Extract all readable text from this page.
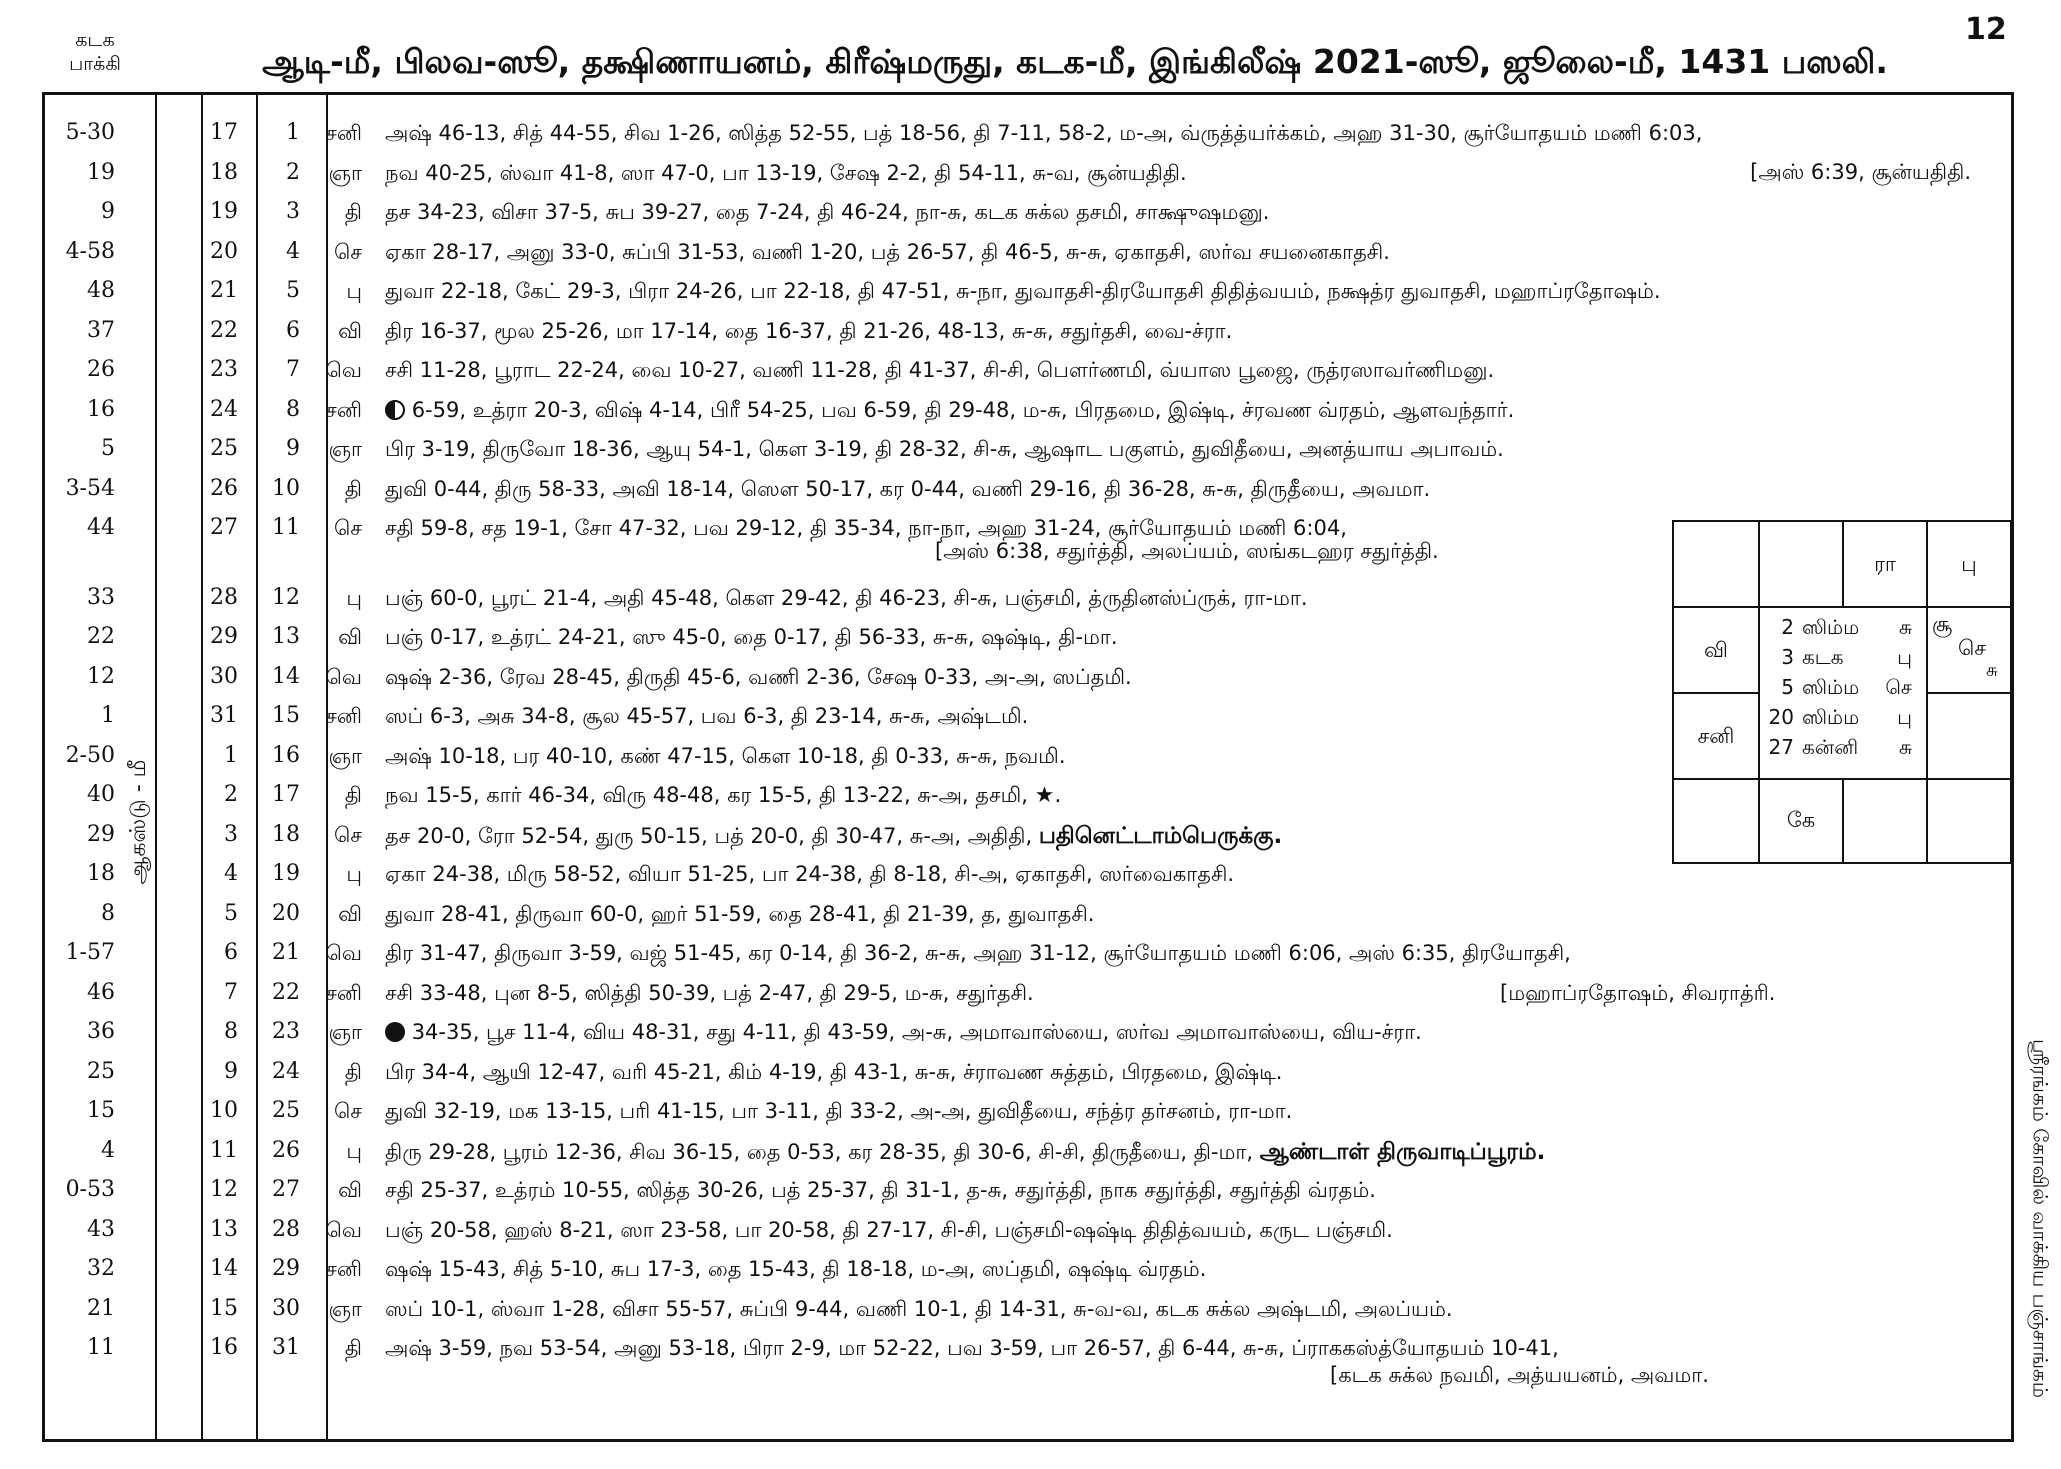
கடக
பாக்கி	ஆடி-மீ, பிலவ-ஸூ, தக்ஷிணாயனம், கிரீஷ்மருது, கடக-மீ, இங்கிலீஷ் 2021-ஸூ, ஜூலை-மீ, 1431 பஸலி.
12
5-30	17	1	சனி அஷ் 46-13, சித் 44-55, சிவ 1-26, ஸித்த 52-55, பத் 18-56, தி 7-11, 58-2, ம-அ, வ்ருத்த்யர்க்கம், அஹ 31-30, சூர்யோதயம் மணி 6:03,
[அஸ் 6:39, சூன்யதிதி.
19	18	2	ஞா நவ 40-25, ஸ்வா 41-8, ஸா 47-0, பா 13-19, சேஷ 2-2, தி 54-11, சு-வ, சூன்யதிதி.
9	19	3	தி தச 34-23, விசா 37-5, சுப 39-27, தை 7-24, தி 46-24, நா-சு, கடக சுக்ல தசமி, சாக்ஷுஷமனு.
4-58	20	4	செ ஏகா 28-17, அனு 33-0, சுப்பி 31-53, வணி 1-20, பத் 26-57, தி 46-5, சு-சு, ஏகாதசி, ஸர்வ சயனைகாதசி.
48	21	5	பு துவா 22-18, கேட் 29-3, பிரா 24-26, பா 22-18, தி 47-51, சு-நா, துவாதசி-திரயோதசி திதித்வயம், நக்ஷத்ர துவாதசி, மஹாப்ரதோஷம்.
37	22	6	வி திர 16-37, மூல 25-26, மா 17-14, தை 16-37, தி 21-26, 48-13, சு-சு, சதுர்தசி, வை-ச்ரா.
26	23	7	வெ சசி 11-28, பூராட 22-24, வை 10-27, வணி 11-28, தி 41-37, சி-சி, பௌர்ணமி, வ்யாஸ பூஜை, ருத்ரஸாவர்ணிமனு.
16	24	8	சனி	6-59, உத்ரா 20-3, விஷ் 4-14, பிரீ 54-25, பவ 6-59, தி 29-48, ம-சு, பிரதமை, இஷ்டி, ச்ரவண வ்ரதம், ஆளவந்தார்.
5	25	9	ஞா பிர 3-19, திருவோ 18-36, ஆயு 54-1, கௌ 3-19, தி 28-32, சி-சு, ஆஷாட பகுளம், துவிதீயை, அனத்யாய அபாவம்.
3-54	26	10	தி துவி 0-44, திரு 58-33, அவி 18-14, ஸௌ 50-17, கர 0-44, வணி 29-16, தி 36-28, சு-சு, திருதீயை, அவமா.
44	27	11	செ சதி 59-8, சத 19-1, சோ 47-32, பவ 29-12, தி 35-34, நா-நா, அஹ 31-24, சூர்யோதயம் மணி 6:04,
[அஸ் 6:38, சதுர்த்தி, அலப்யம், ஸங்கடஹர சதுர்த்தி.
33	28	12	பு பஞ் 60-0, பூரட் 21-4, அதி 45-48, கௌ 29-42, தி 46-23, சி-சு, பஞ்சமி, த்ருதினஸ்ப்ருக், ரா-மா.
22	29	13	வி பஞ் 0-17, உத்ரட் 24-21, ஸு 45-0, தை 0-17, தி 56-33, சு-சு, ஷஷ்டி, தி-மா.
12	30	14	வெ ஷஷ் 2-36, ரேவ 28-45, திருதி 45-6, வணி 2-36, சேஷ 0-33, அ-அ, ஸப்தமி.
1	31	15	சனி ஸப் 6-3, அசு 34-8, சூல 45-57, பவ 6-3, தி 23-14, சு-சு, அஷ்டமி.
2-50	1	16	ஞா அஷ் 10-18, பர 40-10, கண் 47-15, கௌ 10-18, தி 0-33, சு-சு, நவமி.
40	2	17	தி நவ 15-5, கார் 46-34, விரு 48-48, கர 15-5, தி 13-22, சு-அ, தசமி, ★.
29	3	18	செ தச 20-0, ரோ 52-54, துரு 50-15, பத் 20-0, தி 30-47, சு-அ, அதிதி, பதினெட்டாம்பெருக்கு.
18	4	19	பு ஏகா 24-38, மிரு 58-52, வியா 51-25, பா 24-38, தி 8-18, சி-அ, ஏகாதசி, ஸர்வைகாதசி.
8	5	20	வி துவா 28-41, திருவா 60-0, ஹர் 51-59, தை 28-41, தி 21-39, த, துவாதசி.
1-57	6	21	வெ திர 31-47, திருவா 3-59, வஜ் 51-45, கர 0-14, தி 36-2, சு-சு, அஹ 31-12, சூர்யோதயம் மணி 6:06, அஸ் 6:35, திரயோதசி,
46	7	22	சனி சசி 33-48, புன 8-5, ஸித்தி 50-39, பத் 2-47, தி 29-5, ம-சு, சதுர்தசி.	[மஹாப்ரதோஷம், சிவராத்ரி.
36	8	23	ஞா	34-35, பூச 11-4, விய 48-31, சது 4-11, தி 43-59, அ-சு, அமாவாஸ்யை, ஸர்வ அமாவாஸ்யை, விய-ச்ரா.
25	9	24	தி பிர 34-4, ஆயி 12-47, வரி 45-21, கிம் 4-19, தி 43-1, சு-சு, ச்ராவண சுத்தம், பிரதமை, இஷ்டி.
15	10	25	செ துவி 32-19, மக 13-15, பரி 41-15, பா 3-11, தி 33-2, அ-அ, துவிதீயை, சந்த்ர தர்சனம், ரா-மா.
4	11	26	பு திரு 29-28, பூரம் 12-36, சிவ 36-15, தை 0-53, கர 28-35, தி 30-6, சி-சி, திருதீயை, தி-மா, ஆண்டாள் திருவாடிப்பூரம்.
0-53	12	27	வி சதி 25-37, உத்ரம் 10-55, ஸித்த 30-26, பத் 25-37, தி 31-1, த-சு, சதுர்த்தி, நாக சதுர்த்தி, சதுர்த்தி வ்ரதம்.
43	13	28	வெ பஞ் 20-58, ஹஸ் 8-21, ஸா 23-58, பா 20-58, தி 27-17, சி-சி, பஞ்சமி-ஷஷ்டி திதித்வயம், கருட பஞ்சமி.
32	14	29	சனி ஷஷ் 15-43, சித் 5-10, சுப 17-3, தை 15-43, தி 18-18, ம-அ, ஸப்தமி, ஷஷ்டி வ்ரதம்.
21	15	30	ஞா ஸப் 10-1, ஸ்வா 1-28, விசா 55-57, சுப்பி 9-44, வணி 10-1, தி 14-31, சு-வ-வ, கடக சுக்ல அஷ்டமி, அலப்யம்.
11	16	31	தி அஷ் 3-59, நவ 53-54, அனு 53-18, பிரா 2-9, மா 52-22, பவ 3-59, பா 26-57, தி 6-44, சு-சு, ப்ராககஸ்த்யோதயம் 10-41,
[கடக சுக்ல நவமி, அத்யயனம், அவமா.
ஆகஸ்டு - மீ
ஸ்ரீரங்கம் கோவில் வாக்கிய பஞ்சாங்கம்
ரா	பு
வி
சனி
கே
சூ
செ
சு
2 ஸிம்ம சு
3 கடக	பு
5 ஸிம்ம செ
20 ஸிம்ம பு
27 கன்னி சு
